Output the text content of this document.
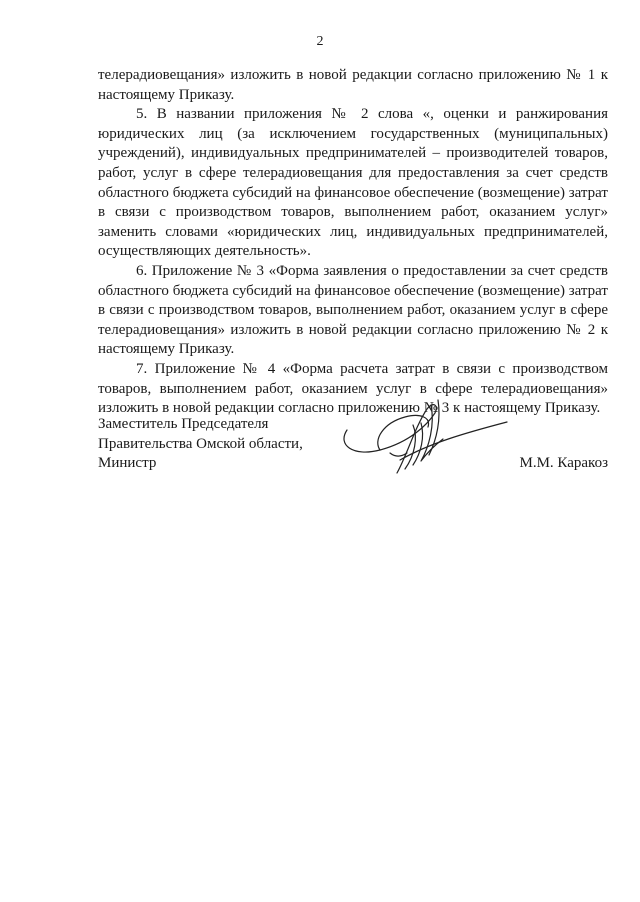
2

телерадиовещания» изложить в новой редакции согласно приложению № 1 к настоящему Приказу.

5. В названии приложения № 2 слова «, оценки и ранжирования юридических лиц (за исключением государственных (муниципальных) учреждений), индивидуальных предпринимателей – производителей товаров, работ, услуг в сфере телерадиовещания для предоставления за счет средств областного бюджета субсидий на финансовое обеспечение (возмещение) затрат в связи с производством товаров, выполнением работ, оказанием услуг» заменить словами «юридических лиц, индивидуальных предпринимателей, осуществляющих деятельность».

6. Приложение № 3 «Форма заявления о предоставлении за счет средств областного бюджета субсидий на финансовое обеспечение (возмещение) затрат в связи с производством товаров, выполнением работ, оказанием услуг в сфере телерадиовещания» изложить в новой редакции согласно приложению № 2 к настоящему Приказу.

7. Приложение № 4 «Форма расчета затрат в связи с производством товаров, выполнением работ, оказанием услуг в сфере телерадиовещания» изложить в новой редакции согласно приложению № 3 к настоящему Приказу.

Заместитель Председателя
Правительства Омской области,
Министр	М.М. Каракоз
